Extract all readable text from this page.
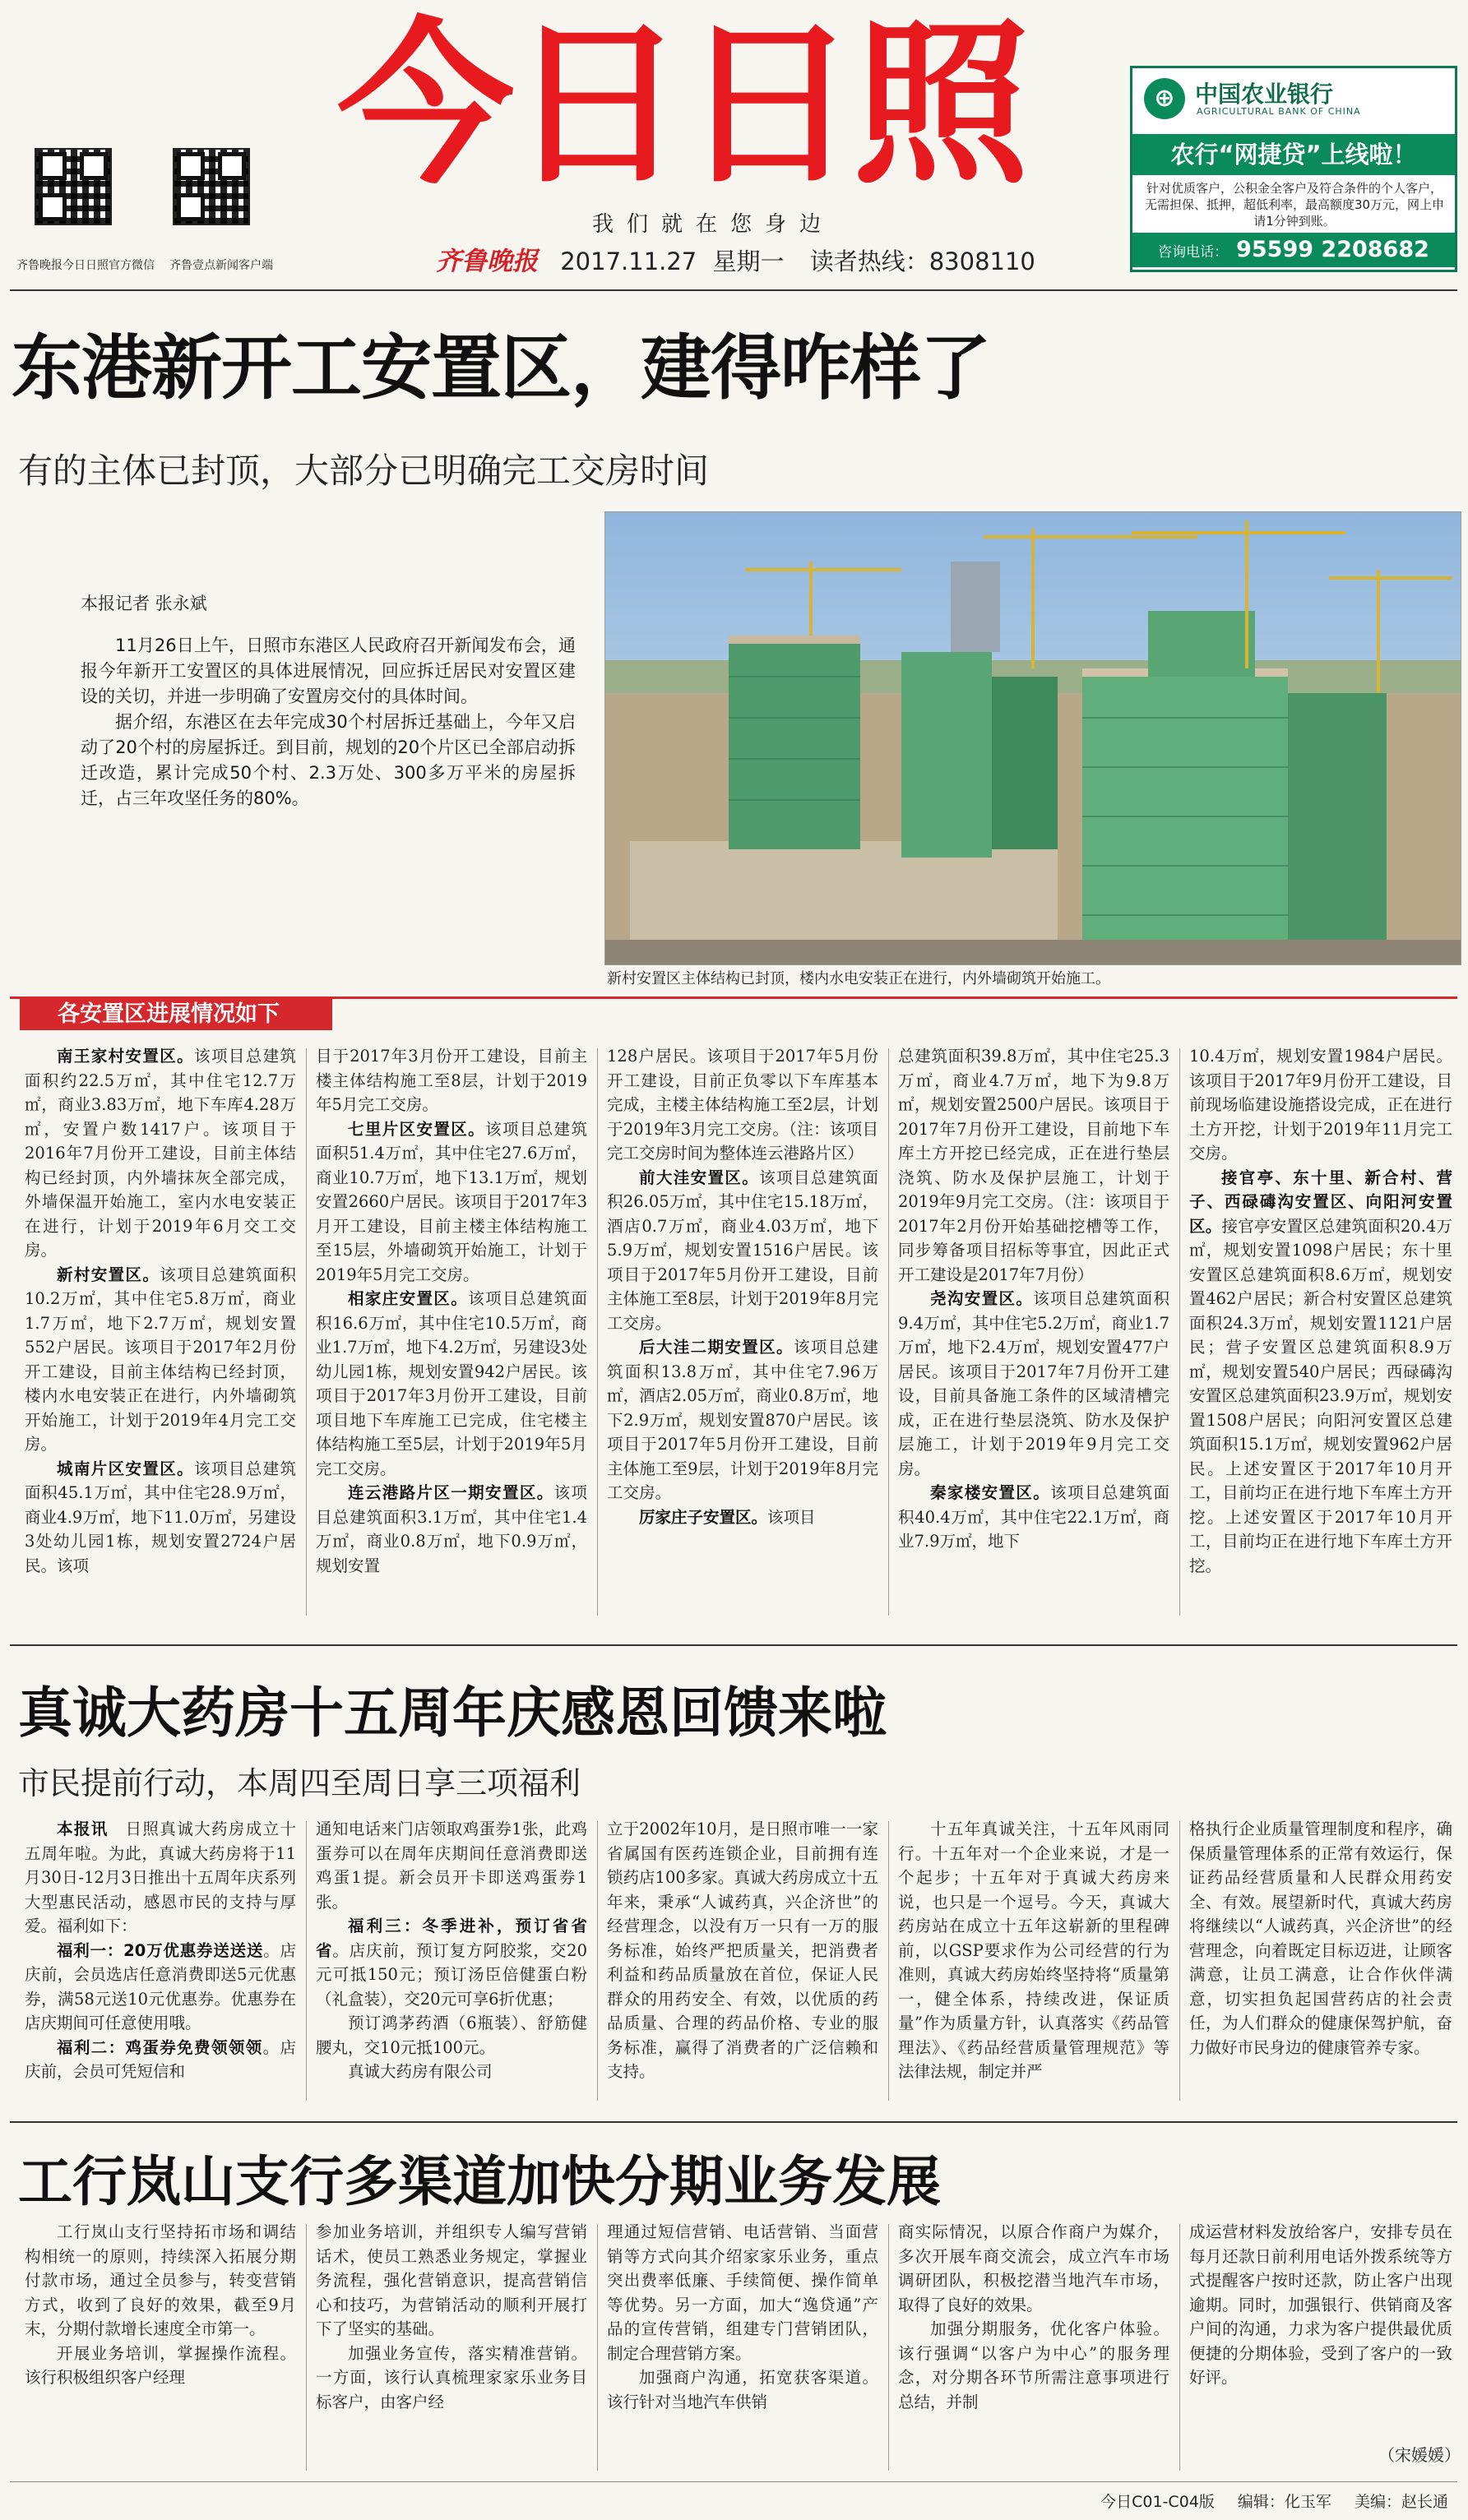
齐鲁晚报今日日照官方微信 齐鲁壹点新闻客户端
今日日照
我们就在您身边
齐鲁晚报 2017.11.27 星期一 读者热线：8308110
⊕ 中国农业银行
AGRICULTURAL BANK OF CHINA
农行“网捷贷”上线啦！
针对优质客户，公积金全客户及符合条件的个人客户，无需担保、抵押，超低利率，最高额度30万元，网上申请1分钟到账。
咨询电话： 95599 2208682
东港新开工安置区，建得咋样了
有的主体已封顶，大部分已明确完工交房时间
本报记者 张永斌

11月26日上午，日照市东港区人民政府召开新闻发布会，通报今年新开工安置区的具体进展情况，回应拆迁居民对安置区建设的关切，并进一步明确了安置房交付的具体时间。

据介绍，东港区在去年完成30个村居拆迁基础上，今年又启动了20个村的房屋拆迁。到目前，规划的20个片区已全部启动拆迁改造，累计完成50个村、2.3万处、300多万平米的房屋拆迁，占三年攻坚任务的80%。

新村安置区主体结构已封顶，楼内水电安装正在进行，内外墙砌筑开始施工。
各安置区进展情况如下

南王家村安置区。该项目总建筑面积约22.5万㎡，其中住宅12.7万㎡，商业3.83万㎡，地下车库4.28万㎡，安置户数1417户。该项目于2016年7月份开工建设，目前主体结构已经封顶，内外墙抹灰全部完成，外墙保温开始施工，室内水电安装正在进行，计划于2019年6月交工交房。

新村安置区。该项目总建筑面积10.2万㎡，其中住宅5.8万㎡，商业1.7万㎡，地下2.7万㎡，规划安置552户居民。该项目于2017年2月份开工建设，目前主体结构已经封顶，楼内水电安装正在进行，内外墙砌筑开始施工，计划于2019年4月完工交房。

城南片区安置区。该项目总建筑面积45.1万㎡，其中住宅28.9万㎡，商业4.9万㎡，地下11.0万㎡，另建设3处幼儿园1栋，规划安置2724户居民。该项

目于2017年3月份开工建设，目前主楼主体结构施工至8层，计划于2019年5月完工交房。

七里片区安置区。该项目总建筑面积51.4万㎡，其中住宅27.6万㎡，商业10.7万㎡，地下13.1万㎡，规划安置2660户居民。该项目于2017年3月开工建设，目前主楼主体结构施工至15层，外墙砌筑开始施工，计划于2019年5月完工交房。

相家庄安置区。该项目总建筑面积16.6万㎡，其中住宅10.5万㎡，商业1.7万㎡，地下4.2万㎡，另建设3处幼儿园1栋，规划安置942户居民。该项目于2017年3月份开工建设，目前项目地下车库施工已完成，住宅楼主体结构施工至5层，计划于2019年5月完工交房。

连云港路片区一期安置区。该项目总建筑面积3.1万㎡，其中住宅1.4万㎡，商业0.8万㎡，地下0.9万㎡，规划安置

128户居民。该项目于2017年5月份开工建设，目前正负零以下车库基本完成，主楼主体结构施工至2层，计划于2019年3月完工交房。（注：该项目完工交房时间为整体连云港路片区）

前大洼安置区。该项目总建筑面积26.05万㎡，其中住宅15.18万㎡，酒店0.7万㎡，商业4.03万㎡，地下5.9万㎡，规划安置1516户居民。该项目于2017年5月份开工建设，目前主体施工至8层，计划于2019年8月完工交房。

后大洼二期安置区。该项目总建筑面积13.8万㎡，其中住宅7.96万㎡，酒店2.05万㎡，商业0.8万㎡，地下2.9万㎡，规划安置870户居民。该项目于2017年5月份开工建设，目前主体施工至9层，计划于2019年8月完工交房。

厉家庄子安置区。该项目

总建筑面积39.8万㎡，其中住宅25.3万㎡，商业4.7万㎡，地下为9.8万㎡，规划安置2500户居民。该项目于2017年7月份开工建设，目前地下车库土方开挖已经完成，正在进行垫层浇筑、防水及保护层施工，计划于2019年9月完工交房。（注：该项目于2017年2月份开始基础挖槽等工作，同步筹备项目招标等事宜，因此正式开工建设是2017年7月份）

尧沟安置区。该项目总建筑面积9.4万㎡，其中住宅5.2万㎡，商业1.7万㎡，地下2.4万㎡，规划安置477户居民。该项目于2017年7月份开工建设，目前具备施工条件的区域清槽完成，正在进行垫层浇筑、防水及保护层施工，计划于2019年9月完工交房。

秦家楼安置区。该项目总建筑面积40.4万㎡，其中住宅22.1万㎡，商业7.9万㎡，地下

10.4万㎡，规划安置1984户居民。该项目于2017年9月份开工建设，目前现场临建设施搭设完成，正在进行土方开挖，计划于2019年11月完工交房。

接官亭、东十里、新合村、营子、西碌碡沟安置区、向阳河安置区。接官亭安置区总建筑面积20.4万㎡，规划安置1098户居民；东十里安置区总建筑面积8.6万㎡，规划安置462户居民；新合村安置区总建筑面积24.3万㎡，规划安置1121户居民；营子安置区总建筑面积8.9万㎡，规划安置540户居民；西碌碡沟安置区总建筑面积23.9万㎡，规划安置1508户居民；向阳河安置区总建筑面积15.1万㎡，规划安置962户居民。上述安置区于2017年10月开工，目前均正在进行地下车库土方开挖。上述安置区于2017年10月开工，目前均正在进行地下车库土方开挖。

真诚大药房十五周年庆感恩回馈来啦
市民提前行动，本周四至周日享三项福利

本报讯　 日照真诚大药房成立十五周年啦。为此，真诚大药房将于11月30日-12月3日推出十五周年庆系列大型惠民活动，感恩市民的支持与厚爱。福利如下：

福利一：20万优惠券送送送。店庆前，会员选店任意消费即送5元优惠券，满58元送10元优惠券。优惠券在店庆期间可任意使用哦。

福利二：鸡蛋券免费领领领。店庆前，会员可凭短信和

通知电话来门店领取鸡蛋券1张，此鸡蛋券可以在周年庆期间任意消费即送鸡蛋1提。新会员开卡即送鸡蛋券1张。

福利三：冬季进补，预订省省省。店庆前，预订复方阿胶浆，交20元可抵150元；预订汤臣倍健蛋白粉（礼盒装），交20元可享6折优惠；

预订鸿茅药酒（6瓶装）、舒筋健腰丸，交10元抵100元。

真诚大药房有限公司

立于2002年10月，是日照市唯一一家省属国有医药连锁企业，目前拥有连锁药店100多家。真诚大药房成立十五年来，秉承“人诚药真，兴企济世”的经营理念，以没有万一只有一万的服务标准，始终严把质量关，把消费者利益和药品质量放在首位，保证人民群众的用药安全、有效，以优质的药品质量、合理的药品价格、专业的服务标准，赢得了消费者的广泛信赖和支持。

十五年真诚关注，十五年风雨同行。十五年对一个企业来说，才是一个起步；十五年对于真诚大药房来说，也只是一个逗号。今天，真诚大药房站在成立十五年这崭新的里程碑前，以GSP要求作为公司经营的行为准则，真诚大药房始终坚持将“质量第一，健全体系，持续改进，保证质量”作为质量方针，认真落实《药品管理法》、《药品经营质量管理规范》等法律法规，制定并严

格执行企业质量管理制度和程序，确保质量管理体系的正常有效运行，保证药品经营质量和人民群众用药安全、有效。展望新时代，真诚大药房将继续以“人诚药真，兴企济世”的经营理念，向着既定目标迈进，让顾客满意，让员工满意，让合作伙伴满意，切实担负起国营药店的社会责任，为人们群众的健康保驾护航，奋力做好市民身边的健康管养专家。

工行岚山支行多渠道加快分期业务发展

工行岚山支行坚持拓市场和调结构相统一的原则，持续深入拓展分期付款市场，通过全员参与，转变营销方式，收到了良好的效果，截至9月末，分期付款增长速度全市第一。

开展业务培训，掌握操作流程。该行积极组织客户经理

参加业务培训，并组织专人编写营销话术，使员工熟悉业务规定，掌握业务流程，强化营销意识，提高营销信心和技巧，为营销活动的顺利开展打下了坚实的基础。

加强业务宣传，落实精准营销。一方面，该行认真梳理家家乐业务目标客户，由客户经

理通过短信营销、电话营销、当面营销等方式向其介绍家家乐业务，重点突出费率低廉、手续简便、操作简单等优势。另一方面，加大“逸贷通”产品的宣传营销，组建专门营销团队，制定合理营销方案。

加强商户沟通，拓宽获客渠道。该行针对当地汽车供销

商实际情况，以原合作商户为媒介，多次开展车商交流会，成立汽车市场调研团队，积极挖潜当地汽车市场，取得了良好的效果。

加强分期服务，优化客户体验。该行强调“以客户为中心”的服务理念，对分期各环节所需注意事项进行总结，并制

成运营材料发放给客户，安排专员在每月还款日前利用电话外拨系统等方式提醒客户按时还款，防止客户出现逾期。同时，加强银行、供销商及客户间的沟通，力求为客户提供最优质便捷的分期体验，受到了客户的一致好评。

（宋媛媛）
今日C01-C04版 编辑：化玉军 美编：赵长通
